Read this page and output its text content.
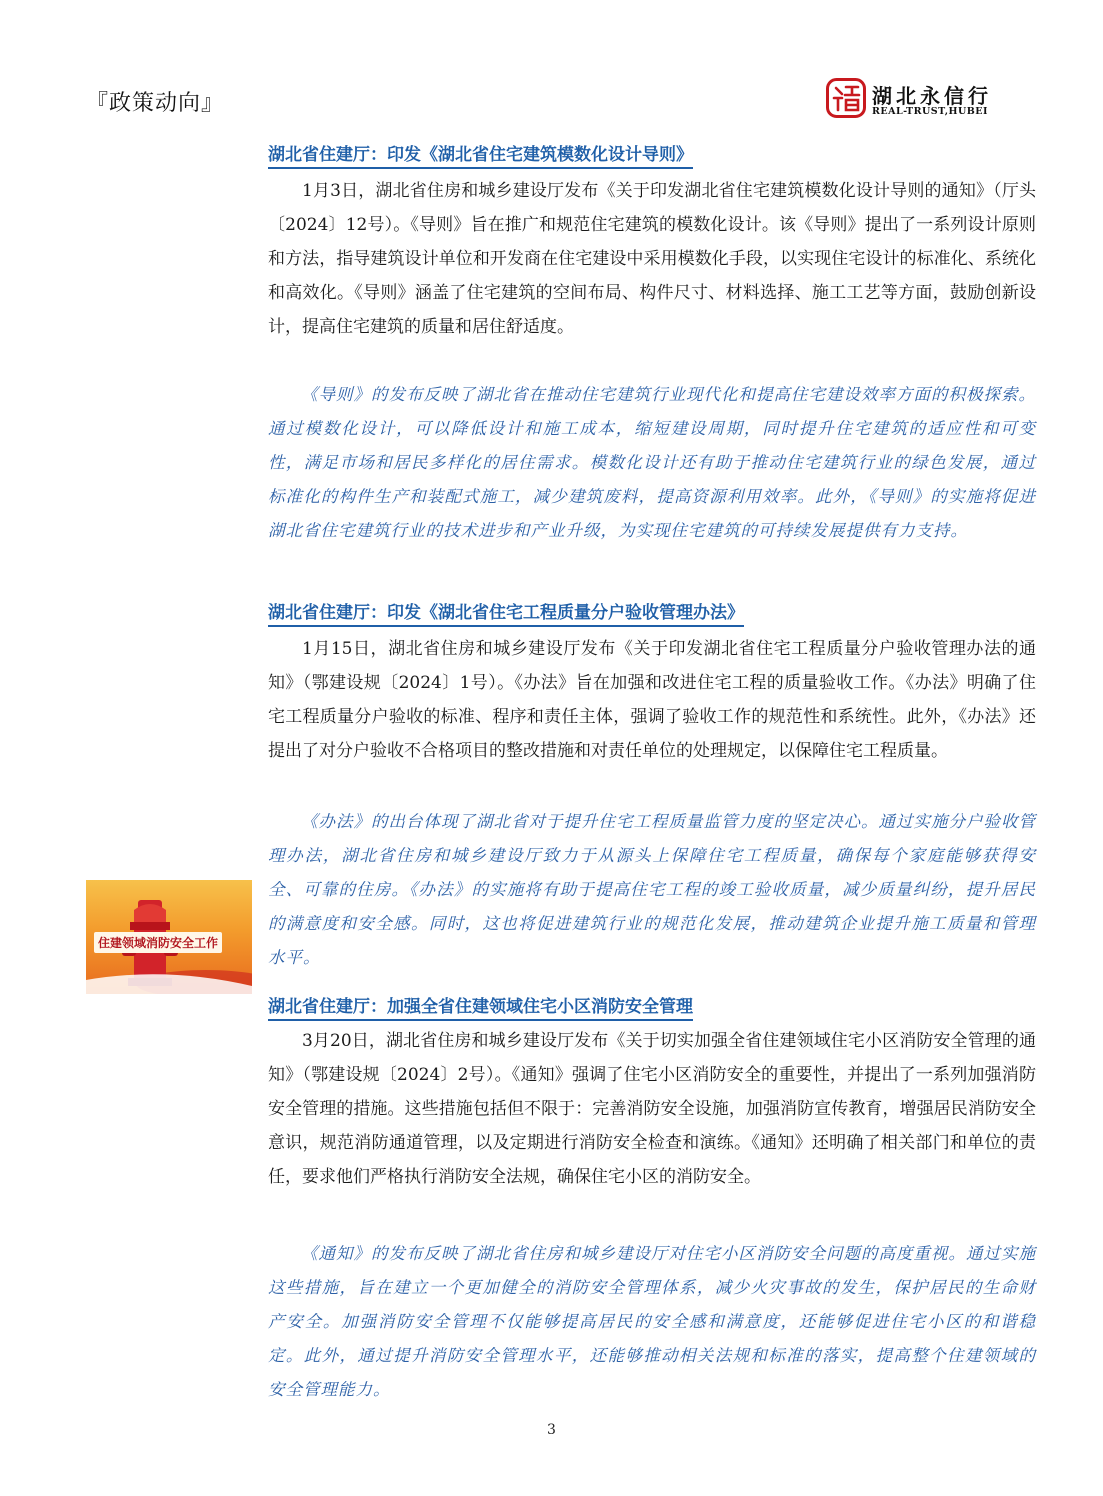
『政策动向』	湖北永信行
REAL-TRUST,HUBEI
湖北省住建厅：印发《湖北省住宅建筑模数化设计导则》

1月3日，湖北省住房和城乡建设厅发布《关于印发湖北省住宅建筑模数化设计导则的通知》（厅头〔2024〕12号）。《导则》旨在推广和规范住宅建筑的模数化设计。该《导则》提出了一系列设计原则和方法，指导建筑设计单位和开发商在住宅建设中采用模数化手段，以实现住宅设计的标准化、系统化和高效化。《导则》涵盖了住宅建筑的空间布局、构件尺寸、材料选择、施工工艺等方面，鼓励创新设计，提高住宅建筑的质量和居住舒适度。

《导则》的发布反映了湖北省在推动住宅建筑行业现代化和提高住宅建设效率方面的积极探索。通过模数化设计，可以降低设计和施工成本，缩短建设周期，同时提升住宅建筑的适应性和可变性，满足市场和居民多样化的居住需求。模数化设计还有助于推动住宅建筑行业的绿色发展，通过标准化的构件生产和装配式施工，减少建筑废料，提高资源利用效率。此外，《导则》的实施将促进湖北省住宅建筑行业的技术进步和产业升级，为实现住宅建筑的可持续发展提供有力支持。

湖北省住建厅：印发《湖北省住宅工程质量分户验收管理办法》

1月15日，湖北省住房和城乡建设厅发布《关于印发湖北省住宅工程质量分户验收管理办法的通知》（鄂建设规〔2024〕1号）。《办法》旨在加强和改进住宅工程的质量验收工作。《办法》明确了住宅工程质量分户验收的标准、程序和责任主体，强调了验收工作的规范性和系统性。此外，《办法》还提出了对分户验收不合格项目的整改措施和对责任单位的处理规定，以保障住宅工程质量。

《办法》的出台体现了湖北省对于提升住宅工程质量监管力度的坚定决心。通过实施分户验收管理办法，湖北省住房和城乡建设厅致力于从源头上保障住宅工程质量，确保每个家庭能够获得安全、可靠的住房。《办法》的实施将有助于提高住宅工程的竣工验收质量，减少质量纠纷，提升居民的满意度和安全感。同时，这也将促进建筑行业的规范化发展，推动建筑企业提升施工质量和管理水平。

住建领域消防安全工作
湖北省住建厅：加强全省住建领域住宅小区消防安全管理

3月20日，湖北省住房和城乡建设厅发布《关于切实加强全省住建领域住宅小区消防安全管理的通知》（鄂建设规〔2024〕2号）。《通知》强调了住宅小区消防安全的重要性，并提出了一系列加强消防安全管理的措施。这些措施包括但不限于：完善消防安全设施，加强消防宣传教育，增强居民消防安全意识，规范消防通道管理，以及定期进行消防安全检查和演练。《通知》还明确了相关部门和单位的责任，要求他们严格执行消防安全法规，确保住宅小区的消防安全。

《通知》的发布反映了湖北省住房和城乡建设厅对住宅小区消防安全问题的高度重视。通过实施这些措施，旨在建立一个更加健全的消防安全管理体系，减少火灾事故的发生，保护居民的生命财产安全。加强消防安全管理不仅能够提高居民的安全感和满意度，还能够促进住宅小区的和谐稳定。此外，通过提升消防安全管理水平，还能够推动相关法规和标准的落实，提高整个住建领域的安全管理能力。

3
